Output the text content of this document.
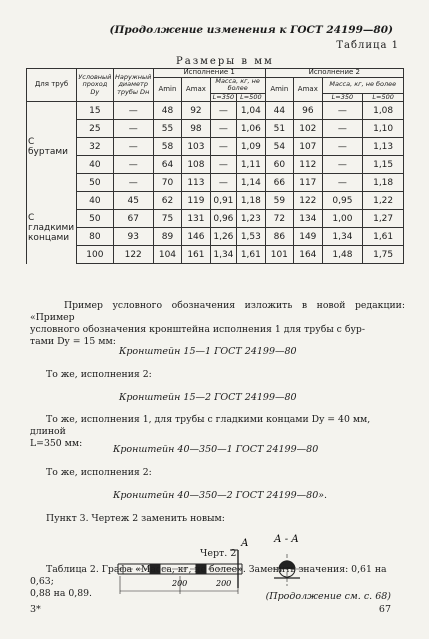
(Продолжение изменения к ГОСТ 24199—80)
Таблица 1
Размеры в мм
Для труб	Условный проход Dy	Наружный диаметр трубы Dн	Исполнение 1				Исполнение 2			
			Amin	Amax	Масса, кг, не более		Amin	Amax	Масса, кг, не более	
					L=350	L=500			L=350	L=500
С буртами	15	—	48	92	—	1,04	44	96	—	1,08
	25	—	55	98	—	1,06	51	102	—	1,10
	32	—	58	103	—	1,09	54	107	—	1,13
	40	—	64	108	—	1,11	60	112	—	1,15
	50	—	70	113	—	1,14	66	117	—	1,18
С гладкими концами	40	45	62	119	0,91	1,18	59	122	0,95	1,22
	50	67	75	131	0,96	1,23	72	134	1,00	1,27
	80	93	89	146	1,26	1,53	86	149	1,34	1,61
	100	122	104	161	1,34	1,61	101	164	1,48	1,75
Пример условного обозначения изложить в новой редакции: «Пример
условного обозначения кронштейна исполнения 1 для трубы с бур-
тами Dy = 15 мм:
Кронштейн 15—1 ГОСТ 24199—80
То же, исполнения 2:
Кронштейн 15—2 ГОСТ 24199—80
То же, исполнения 1, для трубы с гладкими концами Dy = 40 мм, длиной
L=350 мм:
Кронштейн 40—350—1 ГОСТ 24199—80
То же, исполнения 2:
Кронштейн 40—350—2 ГОСТ 24199—80».
Пункт 3. Чертеж 2 заменить новым:
А	А - А
200	200
Черт. 2
Таблица 2. Графа «Масса, кг, не более». Заменить значения: 0,61 на 0,63;
0,88 на 0,89.	(Продолжение см. с. 68)
3*	67
